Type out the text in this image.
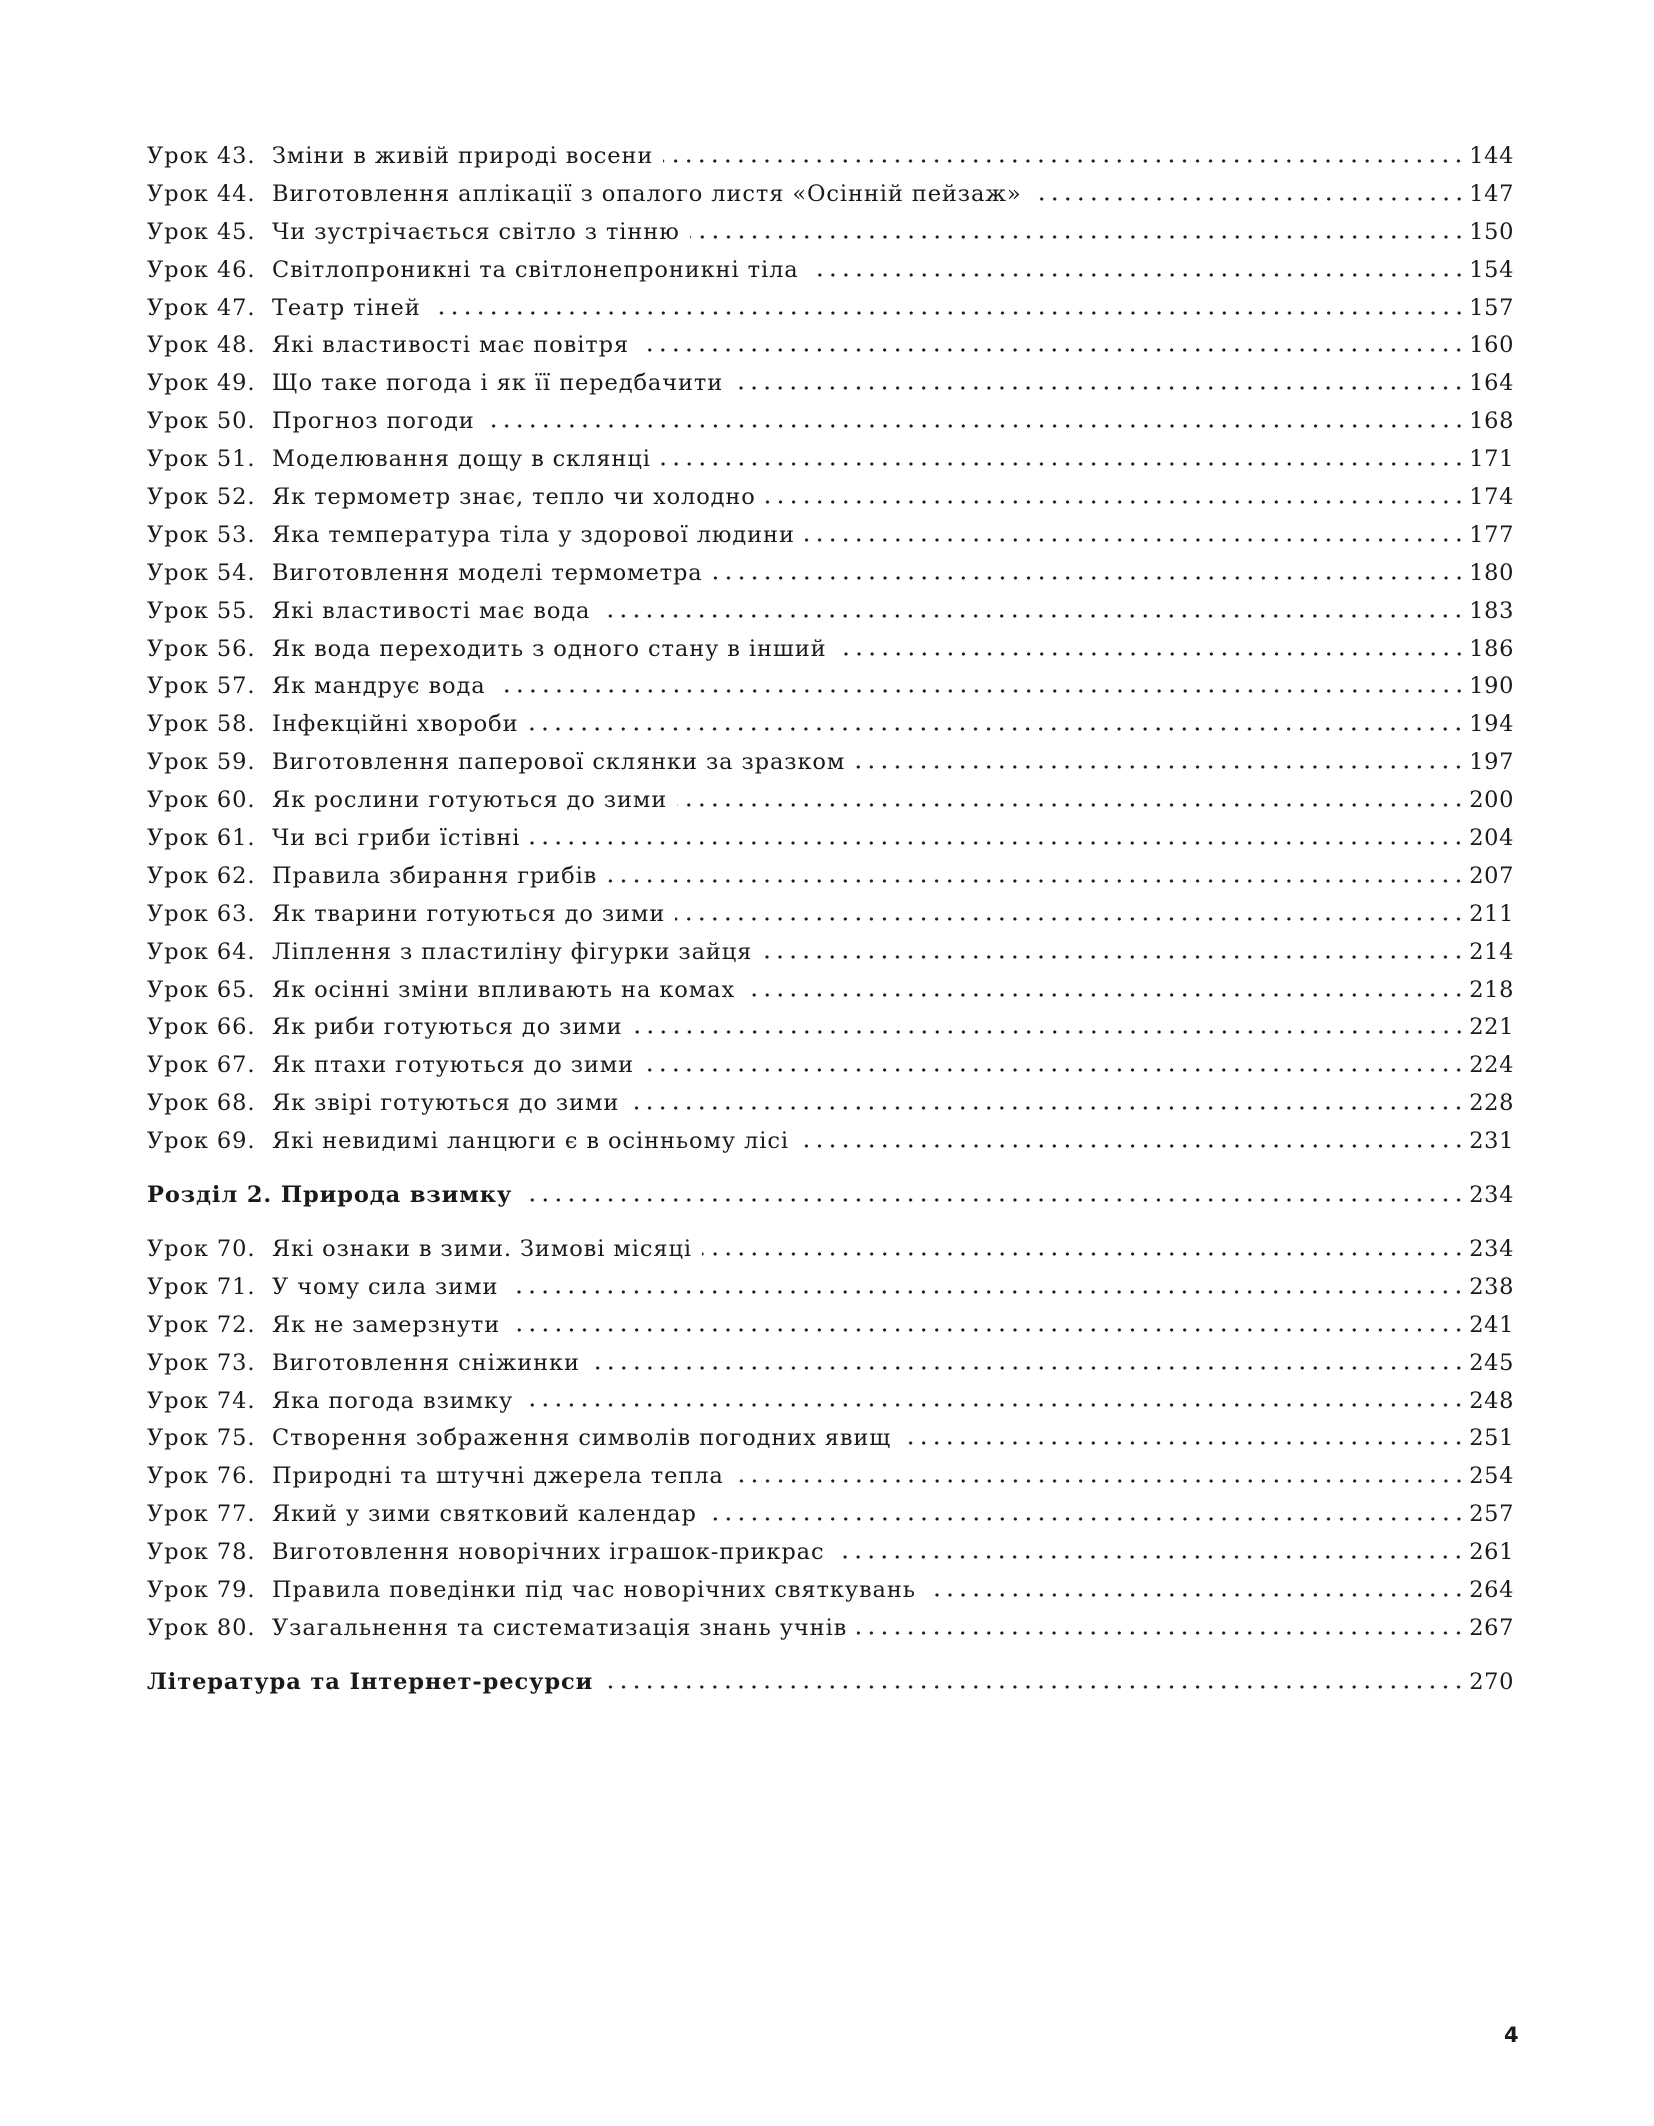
Урок 43. Зміни в живій природі восени	144
Урок 44. Виготовлення аплікації з опалого листя «Осінній пейзаж»	147
Урок 45. Чи зустрічається світло з тінню	150
Урок 46. Світлопроникні та світлонепроникні тіла	154
Урок 47. Театр тіней	157
Урок 48. Які властивості має повітря	160
Урок 49. Що таке погода і як її передбачити	164
Урок 50. Прогноз погоди	168
Урок 51. Моделювання дощу в склянці	171
Урок 52. Як термометр знає, тепло чи холодно	174
Урок 53. Яка температура тіла у здорової людини	177
Урок 54. Виготовлення моделі термометра	180
Урок 55. Які властивості має вода	183
Урок 56. Як вода переходить з одного стану в інший	186
Урок 57. Як мандрує вода	190
Урок 58. Інфекційні хвороби	194
Урок 59. Виготовлення паперової склянки за зразком	197
Урок 60. Як рослини готуються до зими	200
Урок 61. Чи всі гриби їстівні	204
Урок 62. Правила збирання грибів	207
Урок 63. Як тварини готуються до зими	211
Урок 64. Ліплення з пластиліну фігурки зайця	214
Урок 65. Як осінні зміни впливають на комах	218
Урок 66. Як риби готуються до зими	221
Урок 67. Як птахи готуються до зими	224
Урок 68. Як звірі готуються до зими	228
Урок 69. Які невидимі ланцюги є в осінньому лісі	231
Розділ 2. Природа взимку	234
Урок 70. Які ознаки в зими. Зимові місяці	234
Урок 71. У чому сила зими	238
Урок 72. Як не замерзнути	241
Урок 73. Виготовлення сніжинки	245
Урок 74. Яка погода взимку	248
Урок 75. Створення зображення символів погодних явищ	251
Урок 76. Природні та штучні джерела тепла	254
Урок 77. Який у зими святковий календар	257
Урок 78. Виготовлення новорічних іграшок-прикрас	261
Урок 79. Правила поведінки під час новорічних святкувань	264
Урок 80. Узагальнення та систематизація знань учнів	267
Література та Інтернет-ресурси	270
4
